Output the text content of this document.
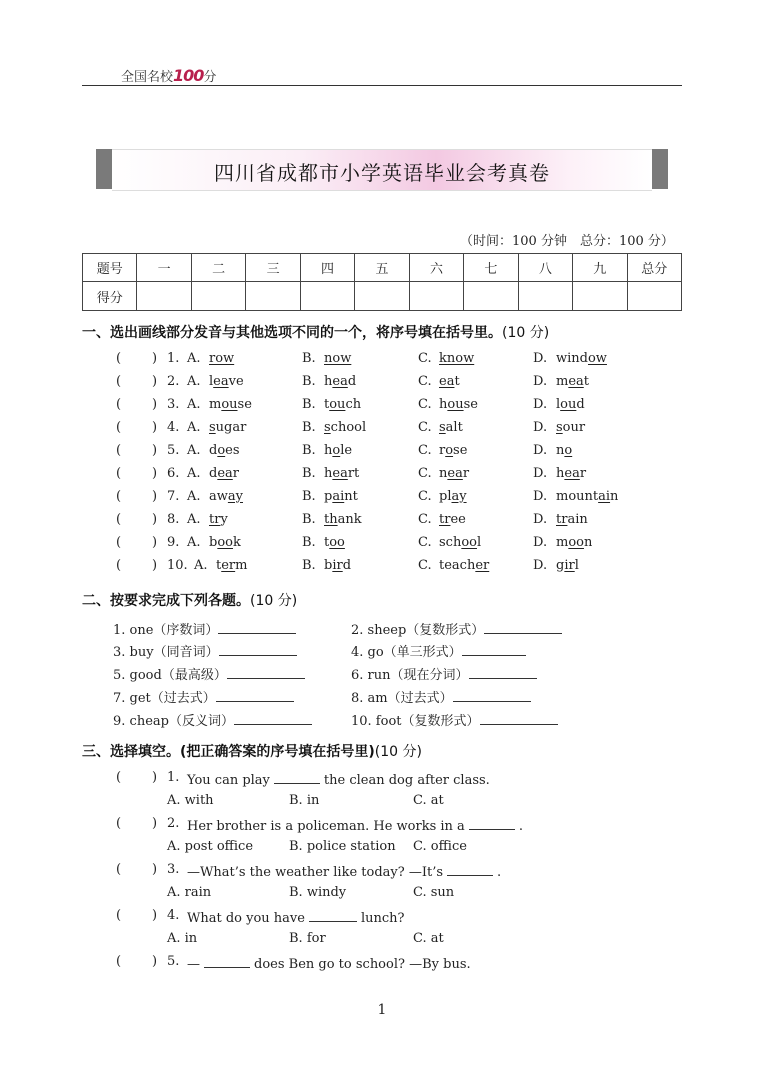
全国名校100分
四川省成都市小学英语毕业会考真卷
（时间：100 分钟　总分：100 分）
题号	一	二	三	四	五	六	七	八	九	总分
得分										
一、选出画线部分发音与其他选项不同的一个，将序号填在括号里。(10 分)
( ) 1. A. row	B. now	C. know	D. window
( ) 2. A. leave	B. head	C. eat	D. meat
( ) 3. A. mouse	B. touch	C. house	D. loud
( ) 4. A. sugar	B. school	C. salt	D. sour
( ) 5. A. does	B. hole	C. rose	D. no
( ) 6. A. dear	B. heart	C. near	D. hear
( ) 7. A. away	B. paint	C. play	D. mountain
( ) 8. A. try	B. thank	C. tree	D. train
( ) 9. A. book	B. too	C. school	D. moon
( ) 10. A. term	B. bird	C. teacher	D. girl
二、按要求完成下列各题。(10 分)
1. one（序数词）	2. sheep（复数形式）
3. buy（同音词）	4. go（单三形式）
5. good（最高级）	6. run（现在分词）
7. get（过去式）	8. am（过去式）
9. cheap（反义词）	10. foot（复数形式）
三、选择填空。(把正确答案的序号填在括号里)(10 分)
( ) 1. You can play	the clean dog after class.
A. with	B. in	C. at
( ) 2. Her brother is a policeman. He works in a	.
A. post office	B. police station C. office
( ) 3. —What’s the weather like today? —It’s	.
A. rain	B. windy	C. sun
( ) 4. What do you have	lunch?
A. in	B. for	C. at
( ) 5. —	does Ben go to school? —By bus.
1
